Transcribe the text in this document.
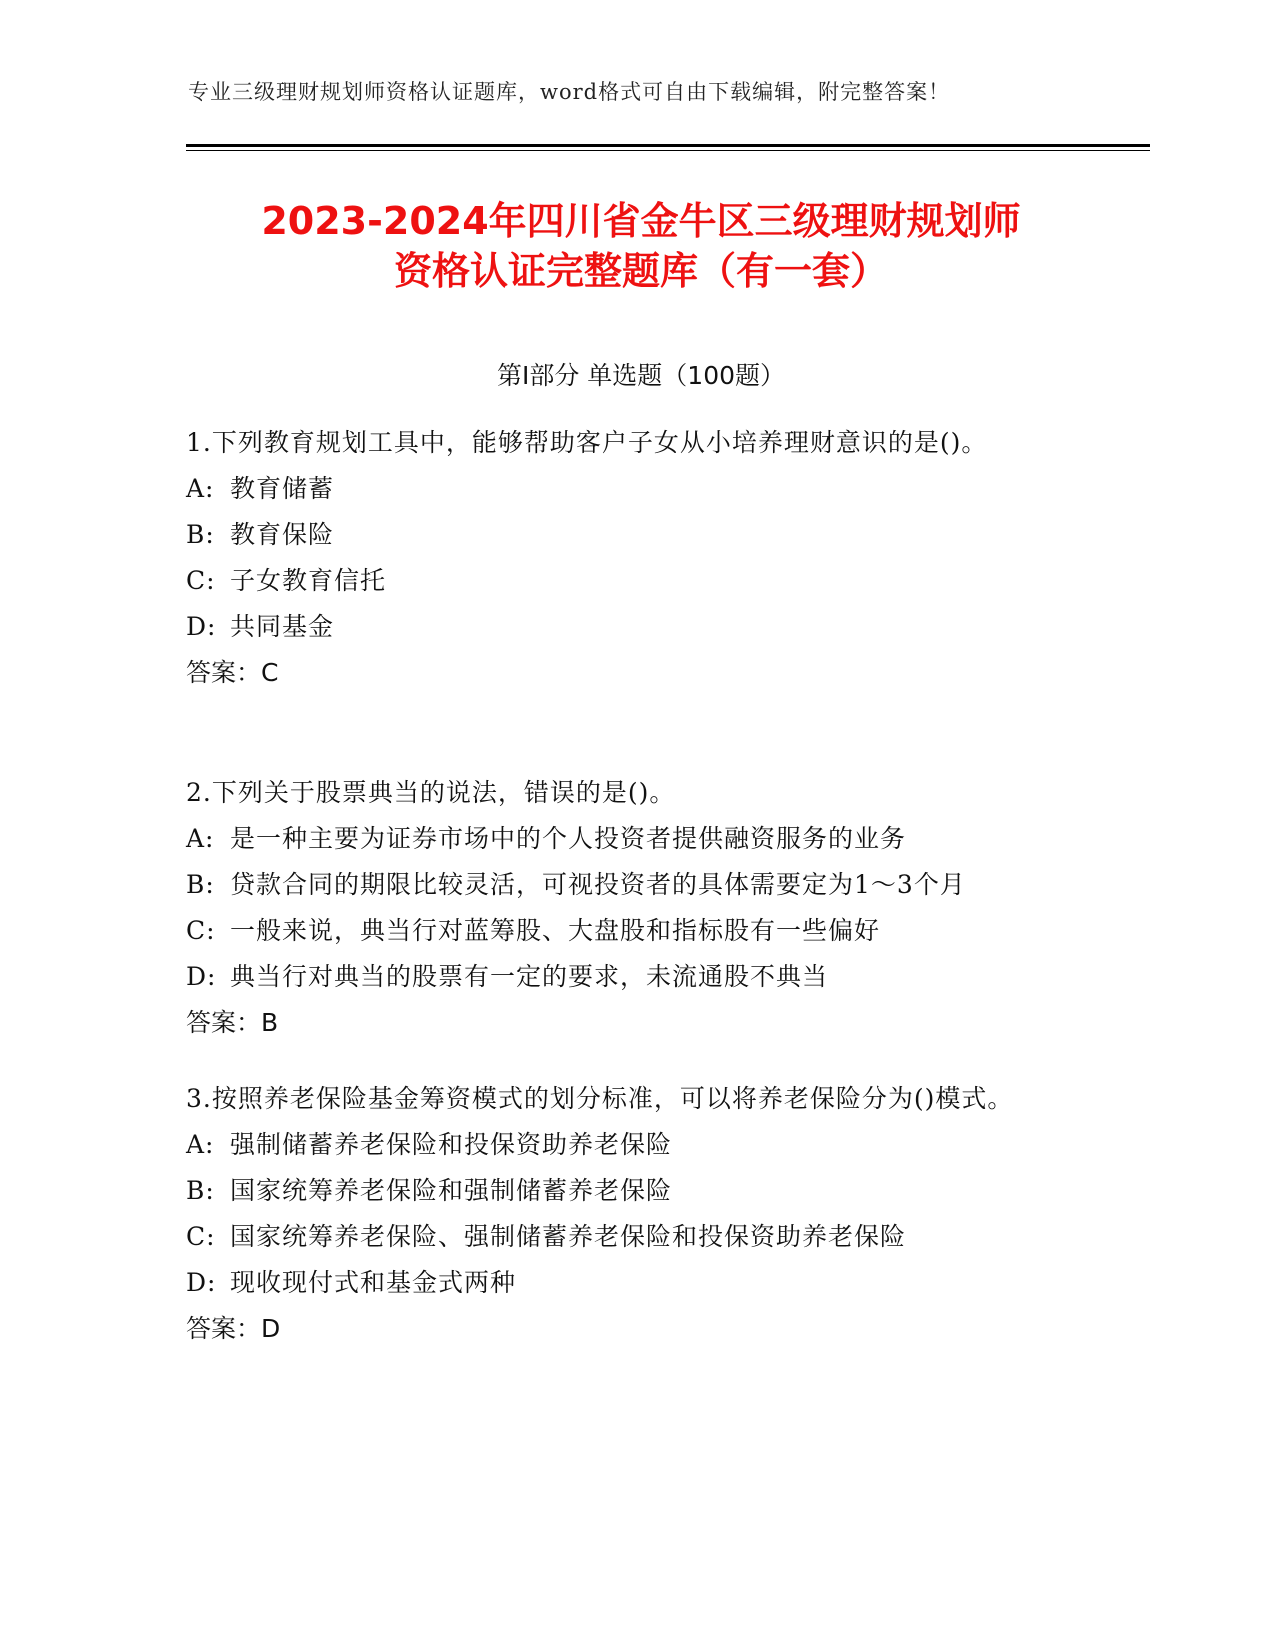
专业三级理财规划师资格认证题库，word格式可自由下载编辑，附完整答案！
2023-2024年四川省金牛区三级理财规划师
资格认证完整题库（有一套）
第Ⅰ部分 单选题（100题）
1.下列教育规划工具中，能够帮助客户子女从小培养理财意识的是()。
A: 教育储蓄
B: 教育保险
C: 子女教育信托
D: 共同基金
答案：C
2.下列关于股票典当的说法，错误的是()。
A: 是一种主要为证券市场中的个人投资者提供融资服务的业务
B: 贷款合同的期限比较灵活，可视投资者的具体需要定为1～3个月
C: 一般来说，典当行对蓝筹股、大盘股和指标股有一些偏好
D: 典当行对典当的股票有一定的要求，未流通股不典当
答案：B
3.按照养老保险基金筹资模式的划分标准，可以将养老保险分为()模式。
A: 强制储蓄养老保险和投保资助养老保险
B: 国家统筹养老保险和强制储蓄养老保险
C: 国家统筹养老保险、强制储蓄养老保险和投保资助养老保险
D: 现收现付式和基金式两种
答案：D
